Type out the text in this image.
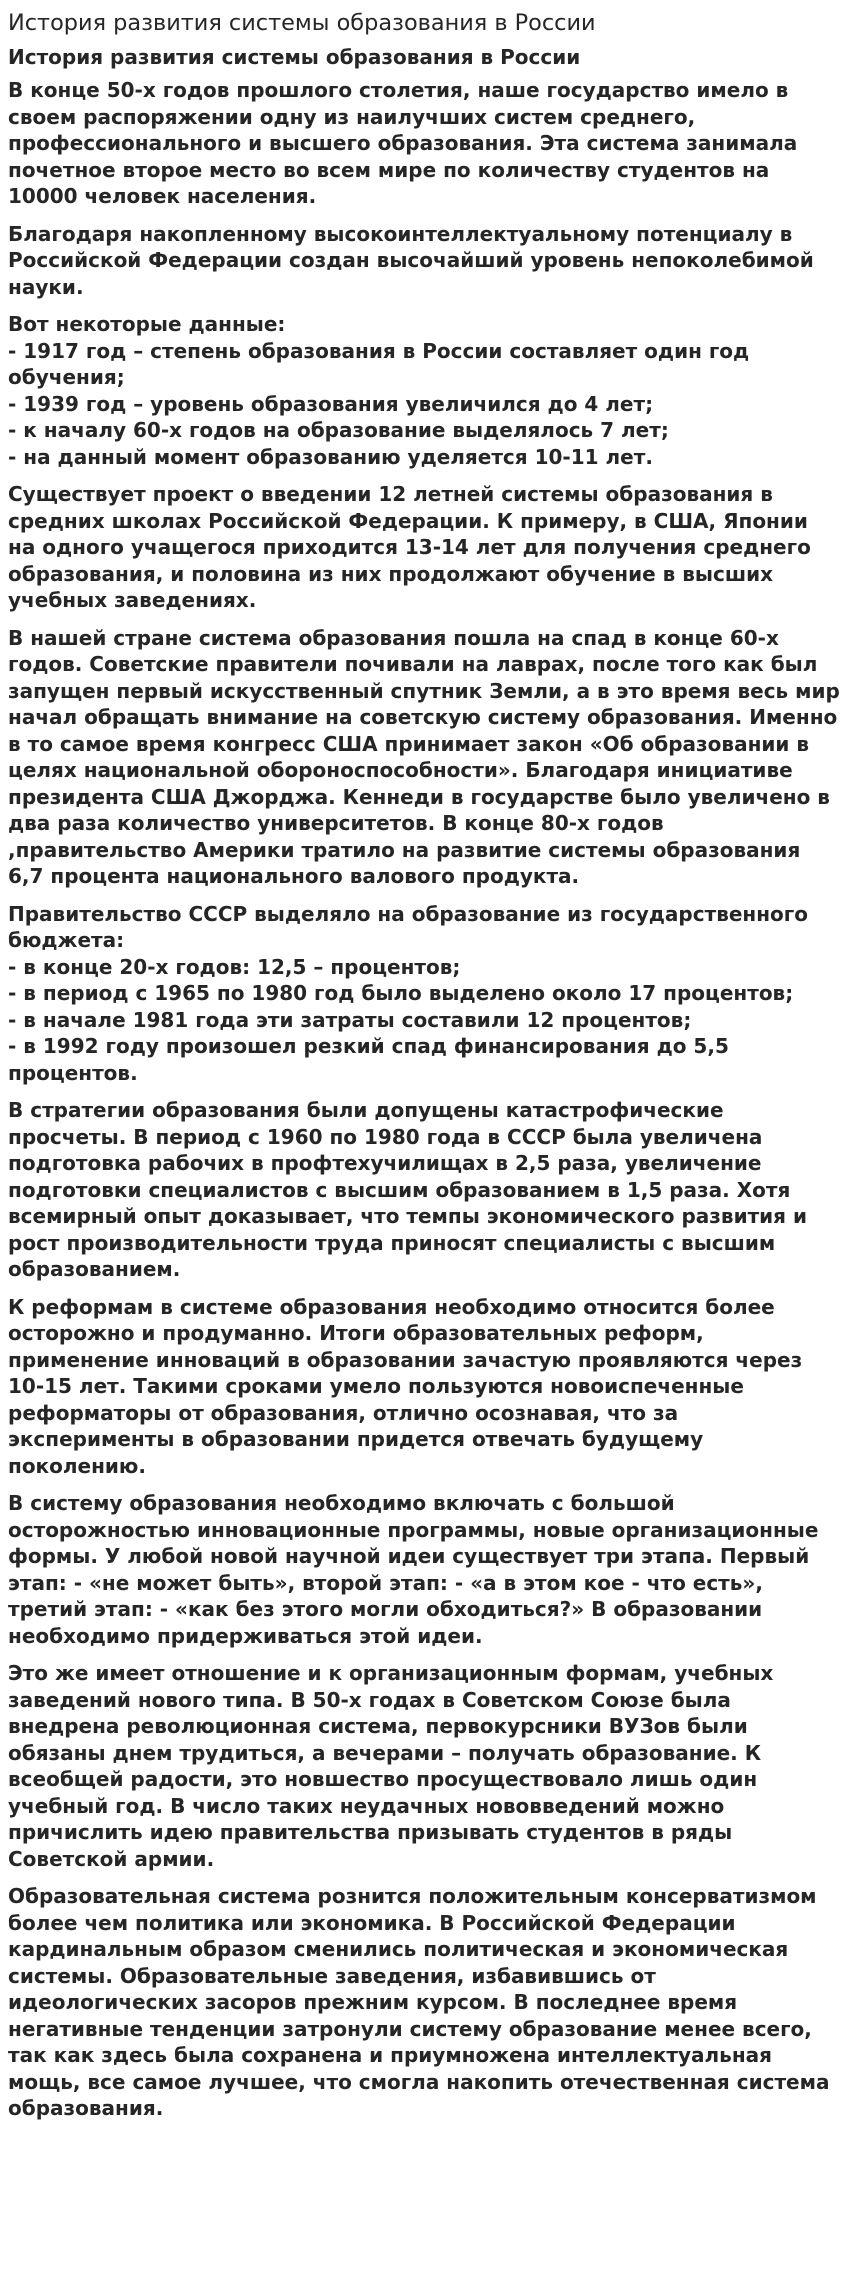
История развития системы образования в России
История развития системы образования в России

В конце 50-х годов прошлого столетия, наше государство имело в своем распоряжении одну из наилучших систем среднего, профессионального и высшего образования. Эта система занимала почетное второе место во всем мире по количеству студентов на 10000 человек населения.

Благодаря накопленному высокоинтеллектуальному потенциалу в Российской Федерации создан высочайший уровень непоколебимой науки.

Вот некоторые данные:
- 1917 год – степень образования в России составляет один год обучения;
- 1939 год – уровень образования увеличился до 4 лет;
- к началу 60-х годов на образование выделялось 7 лет;
- на данный момент образованию уделяется 10-11 лет.

Существует проект о введении 12 летней системы образования в средних школах Российской Федерации. К примеру, в США, Японии на одного учащегося приходится 13-14 лет для получения среднего образования, и половина из них продолжают обучение в высших учебных заведениях.

В нашей стране система образования пошла на спад в конце 60-х годов. Советские правители почивали на лаврах, после того как был запущен первый искусственный спутник Земли, а в это время весь мир начал обращать внимание на советскую систему образования. Именно в то самое время конгресс США принимает закон «Об образовании в целях национальной обороноспособности». Благодаря инициативе президента США Джорджа. Кеннеди в государстве было увеличено в два раза количество университетов. В конце 80-х годов ,правительство Америки тратило на развитие системы образования 6,7 процента национального валового продукта.

Правительство СССР выделяло на образование из государственного бюджета:
- в конце 20-х годов: 12,5 – процентов;
- в период с 1965 по 1980 год было выделено около 17 процентов;
- в начале 1981 года эти затраты составили 12 процентов;
- в 1992 году произошел резкий спад финансирования до 5,5 процентов.

В стратегии образования были допущены катастрофические просчеты. В период с 1960 по 1980 года в СССР была увеличена подготовка рабочих в профтехучилищах в 2,5 раза, увеличение подготовки специалистов с высшим образованием в 1,5 раза. Хотя всемирный опыт доказывает, что темпы экономического развития и рост производительности труда приносят специалисты с высшим образованием.

К реформам в системе образования необходимо относится более осторожно и продуманно. Итоги образовательных реформ, применение инноваций в образовании зачастую проявляются через 10-15 лет. Такими сроками умело пользуются новоиспеченные реформаторы от образования, отлично осознавая, что за эксперименты в образовании придется отвечать будущему поколению.

В систему образования необходимо включать с большой осторожностью инновационные программы, новые организационные формы. У любой новой научной идеи существует три этапа. Первый этап: - «не может быть», второй этап: - «а в этом кое - что есть», третий этап: - «как без этого могли обходиться?» В образовании необходимо придерживаться этой идеи.

Это же имеет отношение и к организационным формам, учебных заведений нового типа. В 50-х годах в Советском Союзе была внедрена революционная система, первокурсники ВУЗов были обязаны днем трудиться, а вечерами – получать образование. К всеобщей радости, это новшество просуществовало лишь один учебный год. В число таких неудачных нововведений можно причислить идею правительства призывать студентов в ряды Советской армии.

Образовательная система рознится положительным консерватизмом более чем политика или экономика. В Российской Федерации кардинальным образом сменились политическая и экономическая системы. Образовательные заведения, избавившись от идеологических засоров прежним курсом. В последнее время негативные тенденции затронули систему образование менее всего, так как здесь была сохранена и приумножена интеллектуальная мощь, все самое лучшее, что смогла накопить отечественная система образования.
